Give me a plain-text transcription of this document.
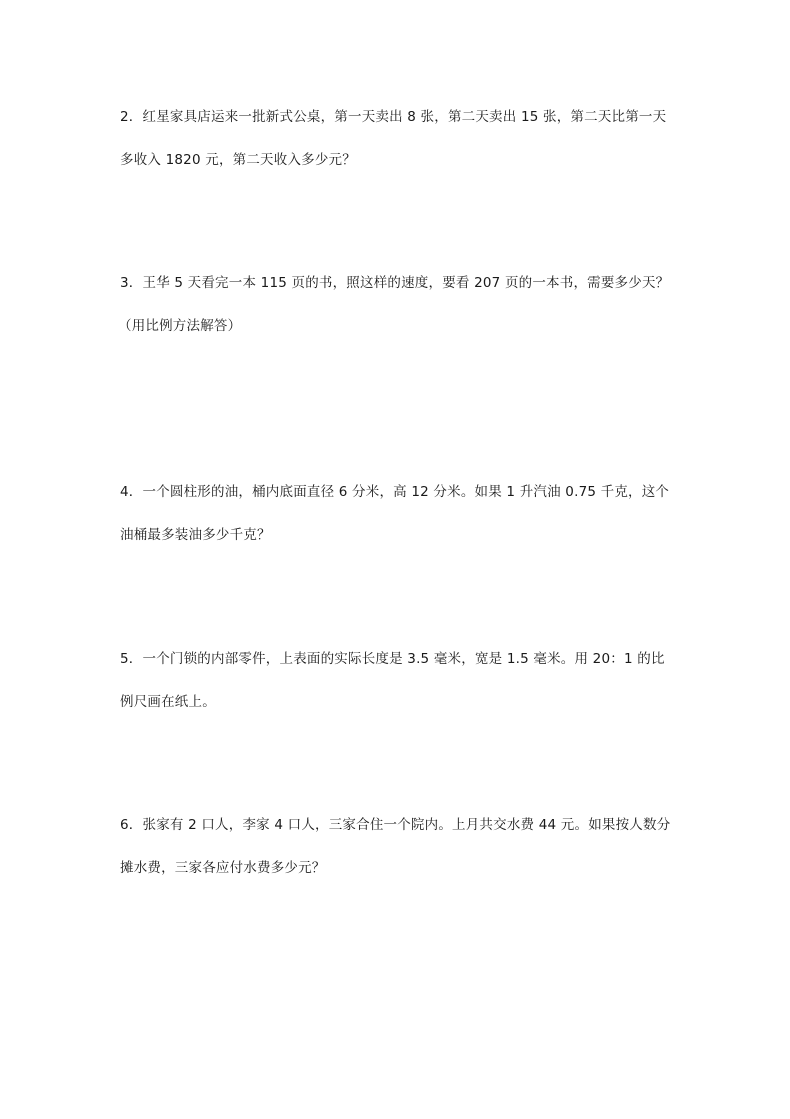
2．红星家具店运来一批新式公桌，第一天卖出 8 张，第二天卖出 15 张，第二天比第一天
多收入 1820 元，第二天收入多少元？
3．王华 5 天看完一本 115 页的书，照这样的速度，要看 207 页的一本书，需要多少天？
（用比例方法解答）
4．一个圆柱形的油，桶内底面直径 6 分米，高 12 分米。如果 1 升汽油 0.75 千克，这个
油桶最多装油多少千克？
5．一个门锁的内部零件，上表面的实际长度是 3.5 毫米，宽是 1.5 毫米。用 20：1 的比
例尺画在纸上。
6．张家有 2 口人，李家 4 口人，三家合住一个院内。上月共交水费 44 元。如果按人数分
摊水费，三家各应付水费多少元？
